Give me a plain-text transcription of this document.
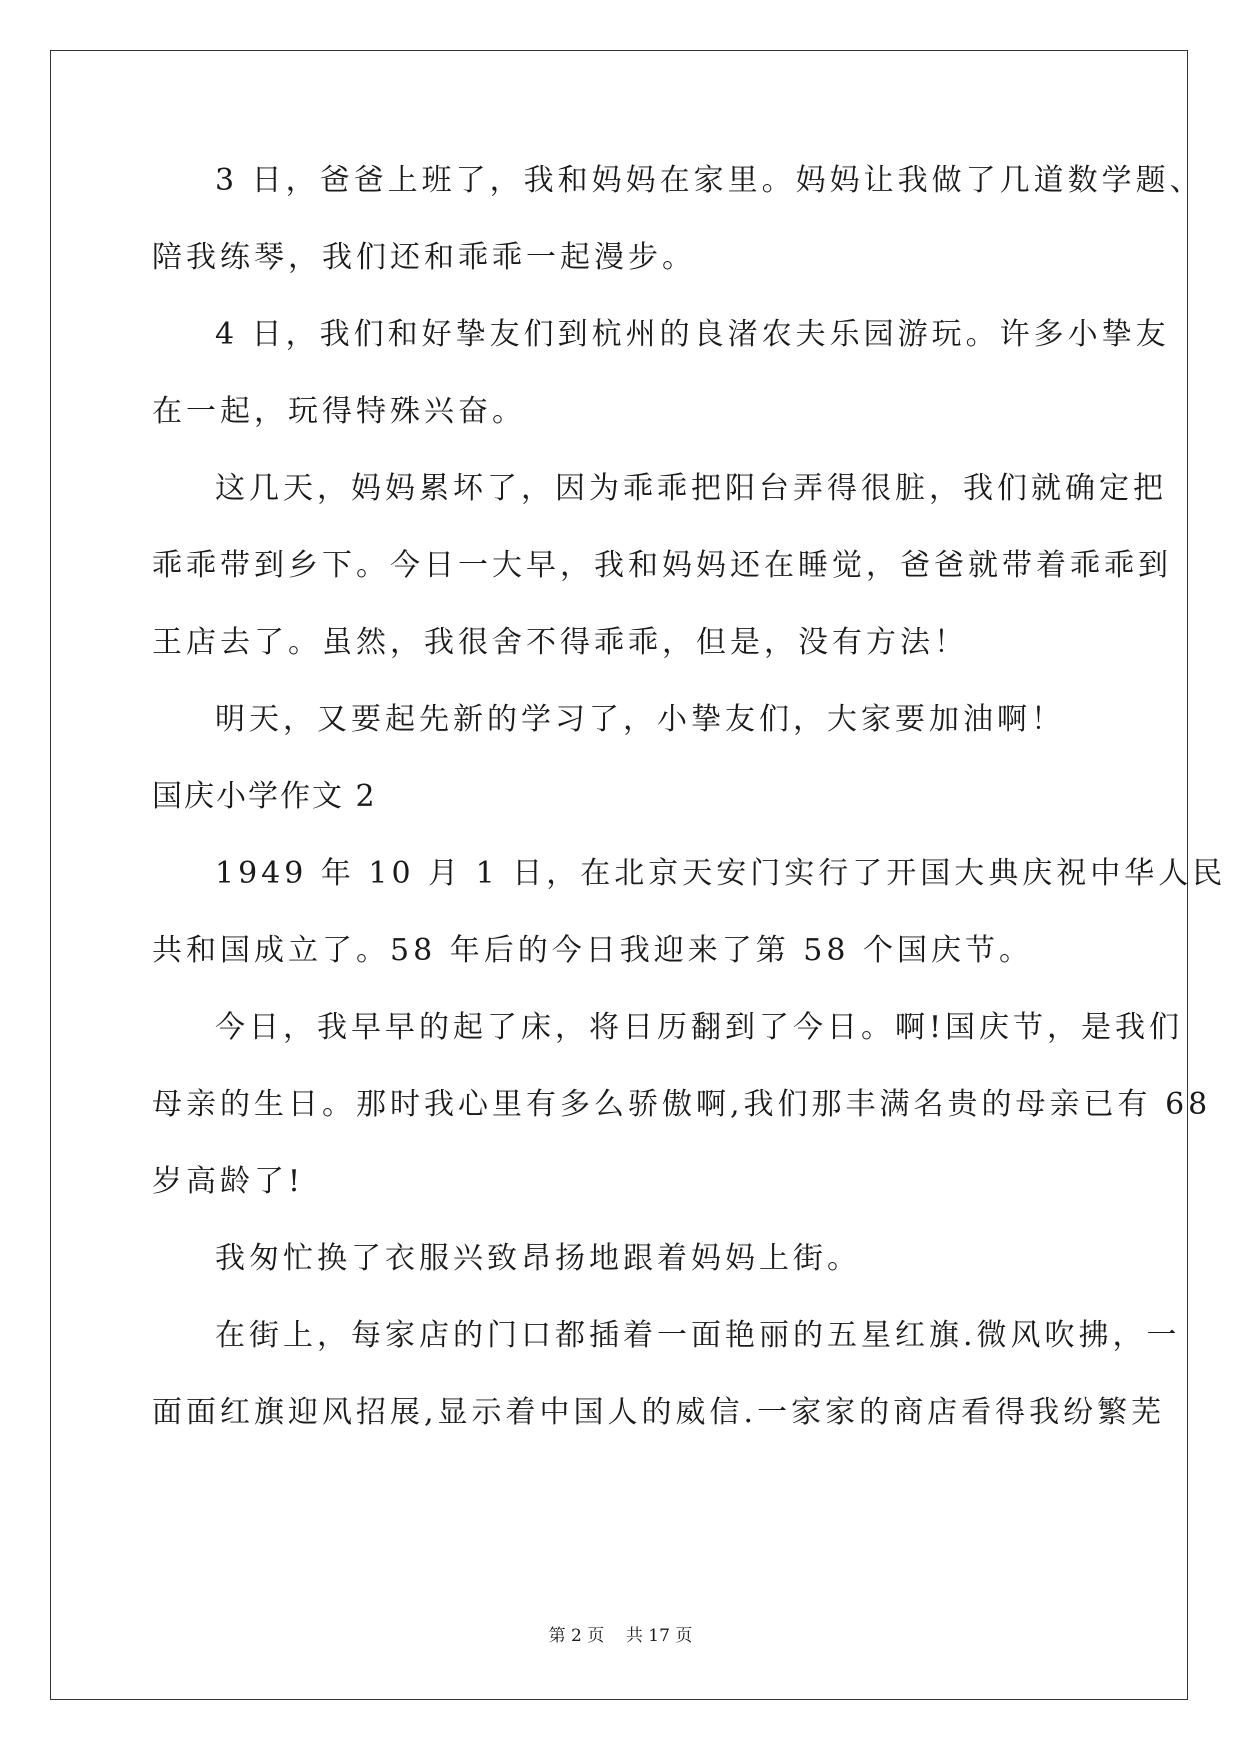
3 日，爸爸上班了，我和妈妈在家里。妈妈让我做了几道数学题、
陪我练琴，我们还和乖乖一起漫步。
4 日，我们和好挚友们到杭州的良渚农夫乐园游玩。许多小挚友
在一起，玩得特殊兴奋。
这几天，妈妈累坏了，因为乖乖把阳台弄得很脏，我们就确定把
乖乖带到乡下。今日一大早，我和妈妈还在睡觉，爸爸就带着乖乖到
王店去了。虽然，我很舍不得乖乖，但是，没有方法！
明天，又要起先新的学习了，小挚友们，大家要加油啊！
国庆小学作文 2
1949 年 10 月 1 日，在北京天安门实行了开国大典庆祝中华人民
共和国成立了。58 年后的今日我迎来了第 58 个国庆节。
今日，我早早的起了床，将日历翻到了今日。啊!国庆节，是我们
母亲的生日。那时我心里有多么骄傲啊,我们那丰满名贵的母亲已有 68
岁高龄了!
我匆忙换了衣服兴致昂扬地跟着妈妈上街。
在街上，每家店的门口都插着一面艳丽的五星红旗.微风吹拂，一
面面红旗迎风招展,显示着中国人的威信.一家家的商店看得我纷繁芜
第 2 页 共 17 页
